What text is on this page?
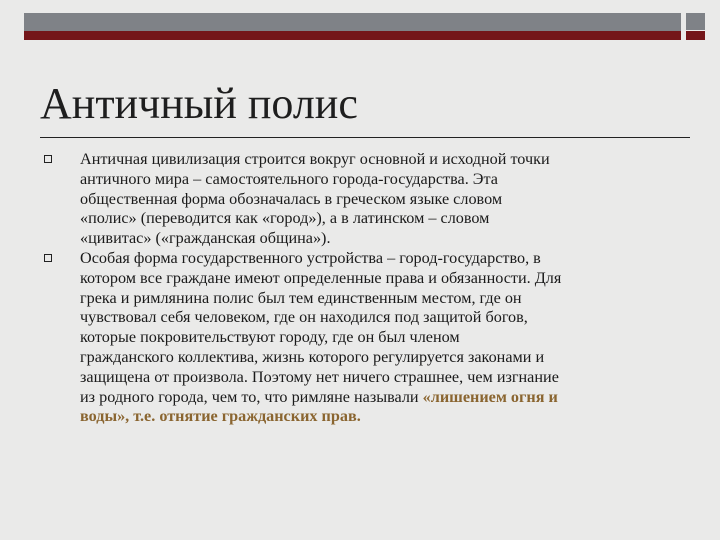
Античный полис
Античная цивилизация строится вокруг основной и исходной точки
античного мира – самостоятельного города-государства. Эта
общественная форма обозначалась в греческом языке словом
«полис» (переводится как «город»), а в латинском – словом
«цивитас» («гражданская община»).
Особая форма государственного устройства – город-государство, в
котором все граждане имеют определенные права и обязанности. Для
грека и римлянина полис был тем единственным местом, где он
чувствовал себя человеком, где он находился под защитой богов,
которые покровительствуют городу, где он был членом
гражданского коллектива, жизнь которого регулируется законами и
защищена от произвола. Поэтому нет ничего страшнее, чем изгнание
из родного города, чем то, что римляне называли «лишением огня и
воды», т.е. отнятие гражданских прав.
